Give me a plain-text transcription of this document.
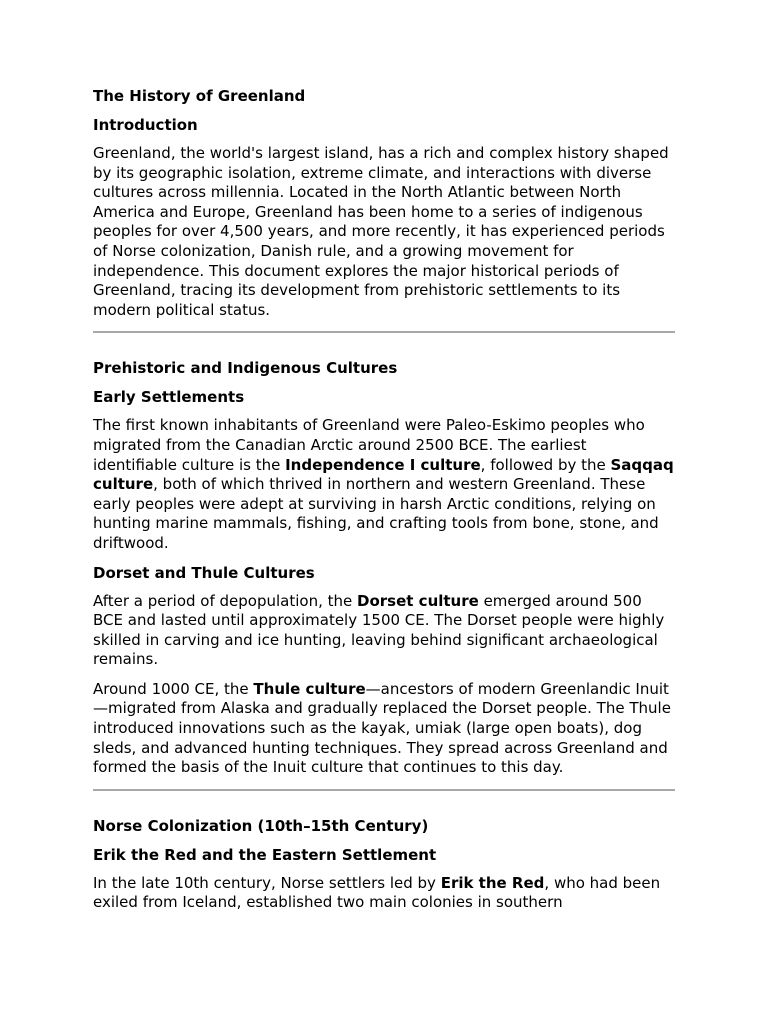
The History of Greenland

Introduction

Greenland, the world's largest island, has a rich and complex history shaped by its geographic isolation, extreme climate, and interactions with diverse cultures across millennia. Located in the North Atlantic between North America and Europe, Greenland has been home to a series of indigenous peoples for over 4,500 years, and more recently, it has experienced periods of Norse colonization, Danish rule, and a growing movement for independence. This document explores the major historical periods of Greenland, tracing its development from prehistoric settlements to its modern political status.

Prehistoric and Indigenous Cultures

Early Settlements

The first known inhabitants of Greenland were Paleo-Eskimo peoples who migrated from the Canadian Arctic around 2500 BCE. The earliest identifiable culture is the Independence I culture, followed by the Saqqaq culture, both of which thrived in northern and western Greenland. These early peoples were adept at surviving in harsh Arctic conditions, relying on hunting marine mammals, fishing, and crafting tools from bone, stone, and driftwood.

Dorset and Thule Cultures

After a period of depopulation, the Dorset culture emerged around 500 BCE and lasted until approximately 1500 CE. The Dorset people were highly skilled in carving and ice hunting, leaving behind significant archaeological remains.

Around 1000 CE, the Thule culture—ancestors of modern Greenlandic Inuit—migrated from Alaska and gradually replaced the Dorset people. The Thule introduced innovations such as the kayak, umiak (large open boats), dog sleds, and advanced hunting techniques. They spread across Greenland and formed the basis of the Inuit culture that continues to this day.

Norse Colonization (10th–15th Century)

Erik the Red and the Eastern Settlement

In the late 10th century, Norse settlers led by Erik the Red, who had been exiled from Iceland, established two main colonies in southern
